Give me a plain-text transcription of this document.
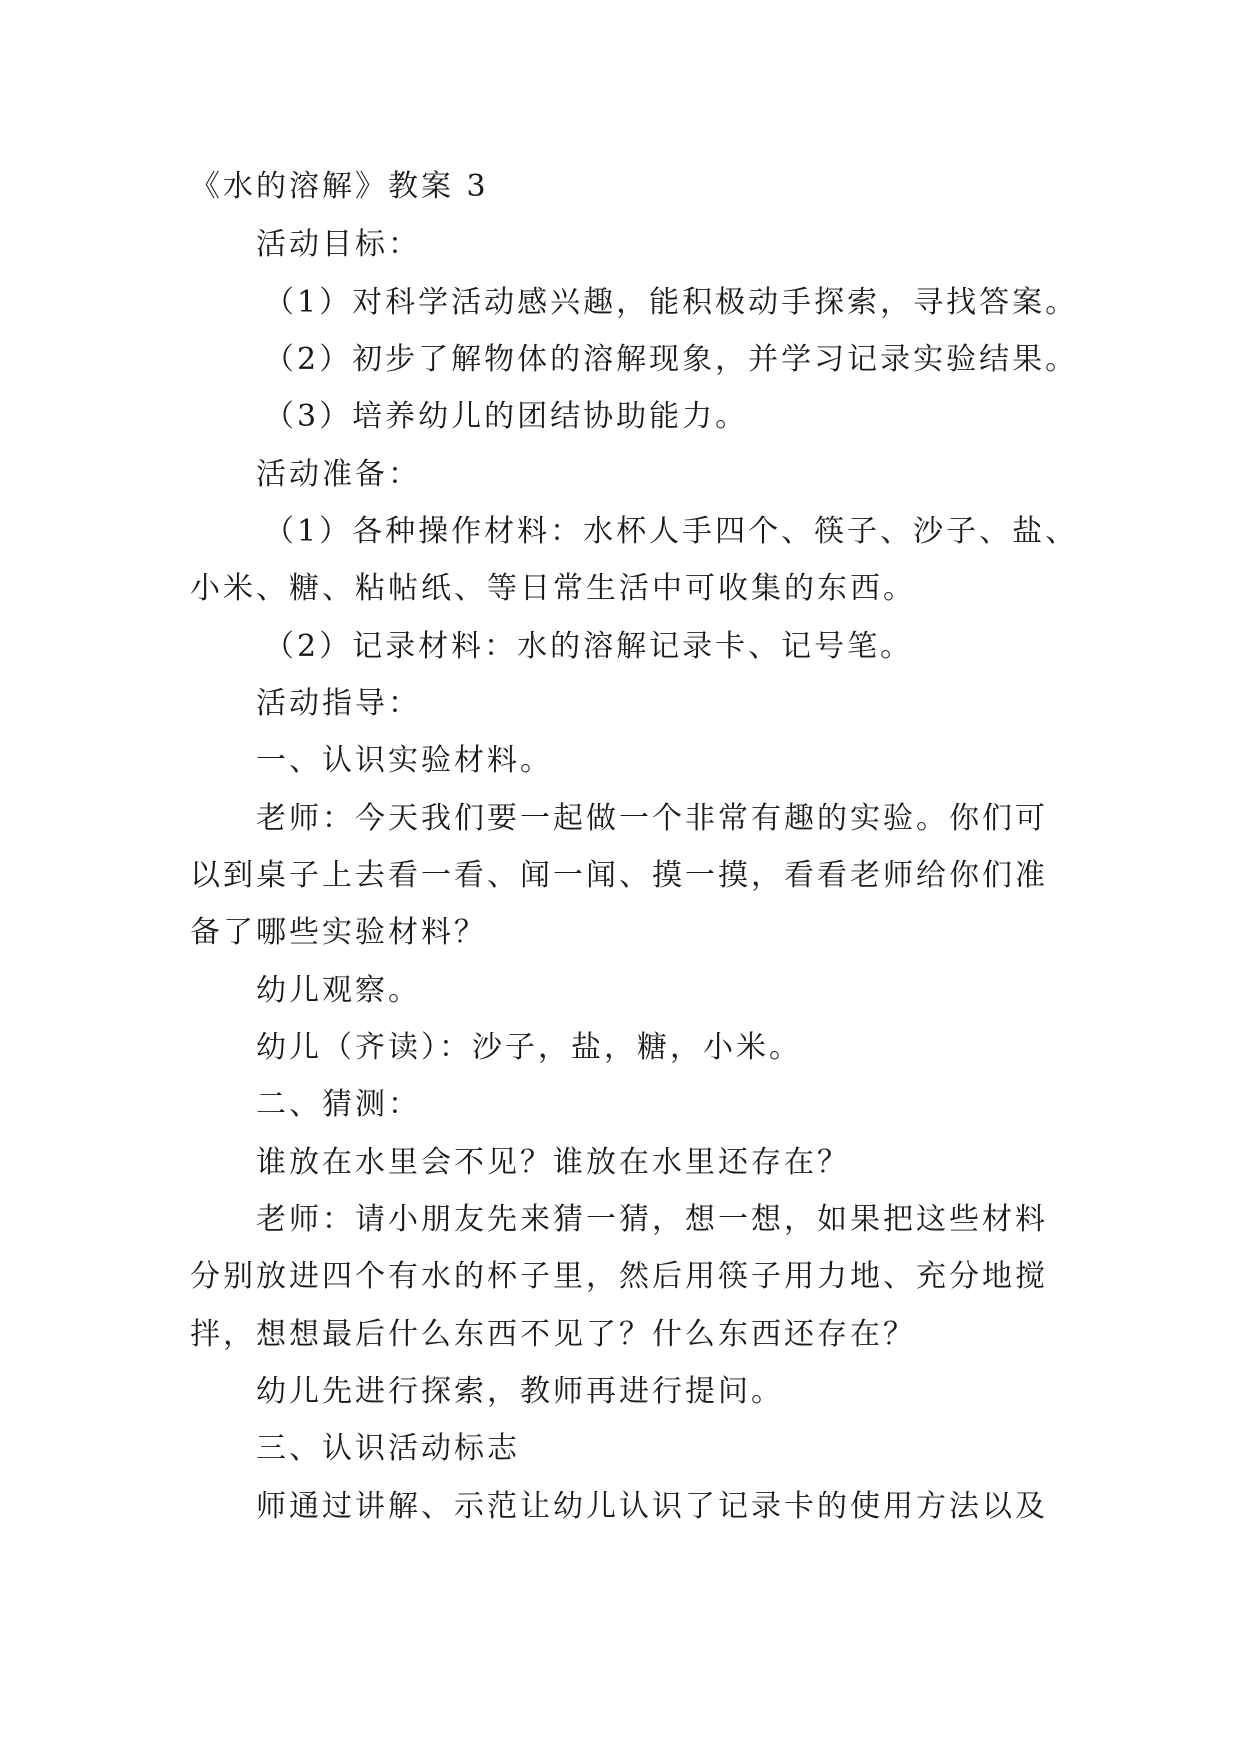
《水的溶解》教案 3
活动目标：
（1）对科学活动感兴趣，能积极动手探索，寻找答案。
（2）初步了解物体的溶解现象，并学习记录实验结果。
（3）培养幼儿的团结协助能力。
活动准备：
（1）各种操作材料：水杯人手四个、筷子、沙子、盐、
小米、糖、粘帖纸、等日常生活中可收集的东西。
（2）记录材料：水的溶解记录卡、记号笔。
活动指导：
一、认识实验材料。
老师：今天我们要一起做一个非常有趣的实验。你们可
以到桌子上去看一看、闻一闻、摸一摸，看看老师给你们准
备了哪些实验材料？
幼儿观察。
幼儿（齐读）：沙子，盐，糖，小米。
二、猜测：
谁放在水里会不见？谁放在水里还存在？
老师：请小朋友先来猜一猜，想一想，如果把这些材料
分别放进四个有水的杯子里，然后用筷子用力地、充分地搅
拌，想想最后什么东西不见了？什么东西还存在？
幼儿先进行探索，教师再进行提问。
三、认识活动标志
师通过讲解、示范让幼儿认识了记录卡的使用方法以及
